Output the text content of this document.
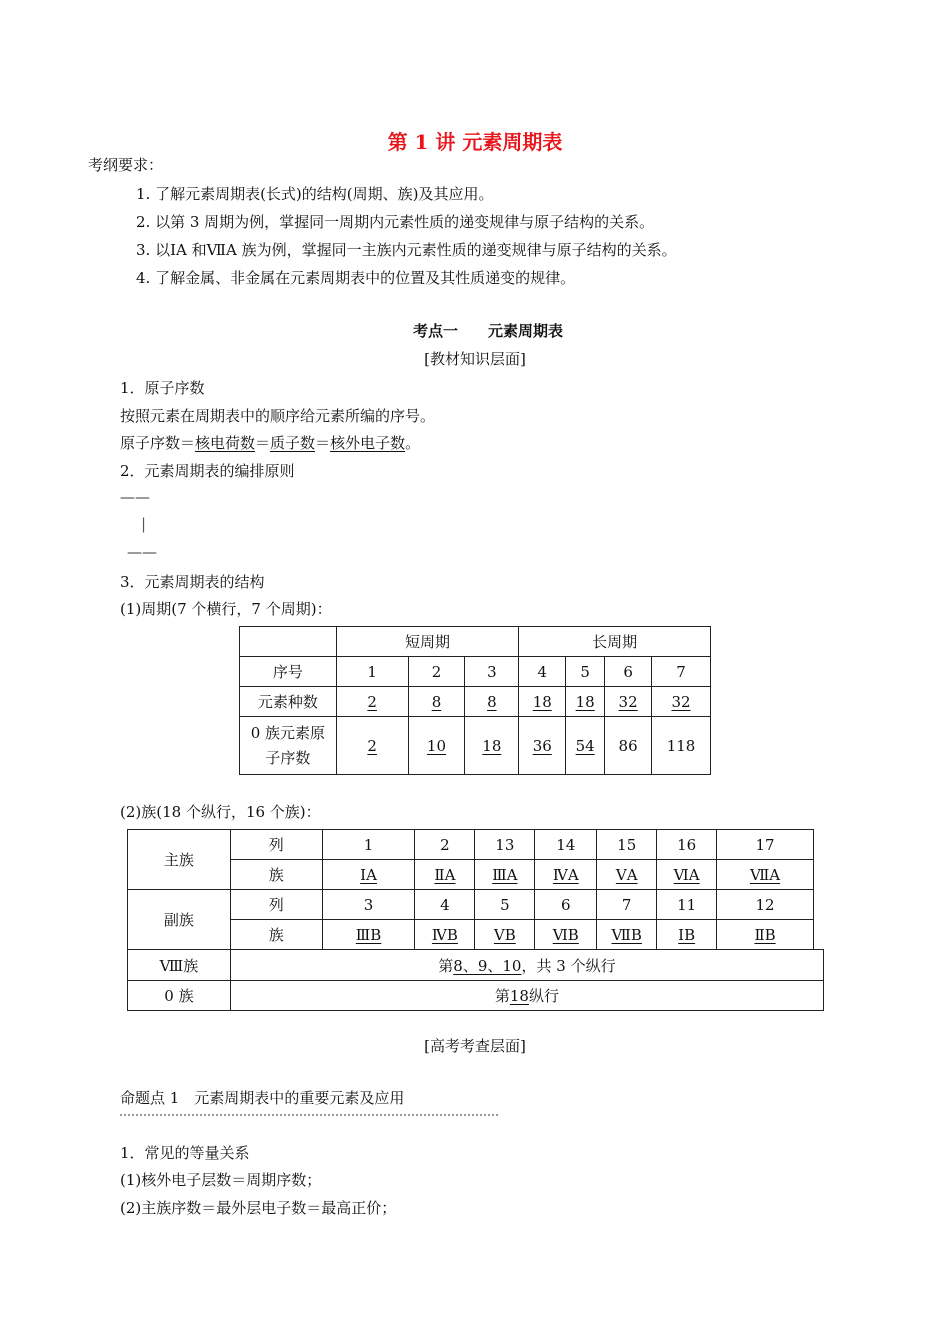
第 1 讲 元素周期表
考纲要求：
1. 了解元素周期表(长式)的结构(周期、族)及其应用。
2. 以第 3 周期为例，掌握同一周期内元素性质的递变规律与原子结构的关系。
3. 以ⅠA 和ⅦA 族为例，掌握同一主族内元素性质的递变规律与原子结构的关系。
4. 了解金属、非金属在元素周期表中的位置及其性质递变的规律。
考点一 元素周期表
[教材知识层面]
1．原子序数
按照元素在周期表中的顺序给元素所编的序号。
原子序数＝核电荷数＝质子数＝核外电子数。
2．元素周期表的编排原则
——
|
——
3．元素周期表的结构
(1)周期(7 个横行，7 个周期)：
	短周期			长周期			
序号	1	2	3	4	5	6	7
元素种数	2	8	8	18	18	32	32

0 族元素原
子序数	2	10	18	36	54	86	118
(2)族(18 个纵行，16 个族)：
主族	列	1	2	13	14	15	16	17
	族	ⅠA	ⅡA	ⅢA	ⅣA	ⅤA	ⅥA	ⅦA
副族	列	3	4	5	6	7	11	12
	族	ⅢB	ⅣB	ⅤB	ⅥB	ⅦB	ⅠB	ⅡB
Ⅷ族	第8、9、10，共 3 个纵行
0 族	第18纵行
[高考考查层面]
命题点 1　元素周期表中的重要元素及应用
1．常见的等量关系
(1)核外电子层数＝周期序数；
(2)主族序数＝最外层电子数＝最高正价；
